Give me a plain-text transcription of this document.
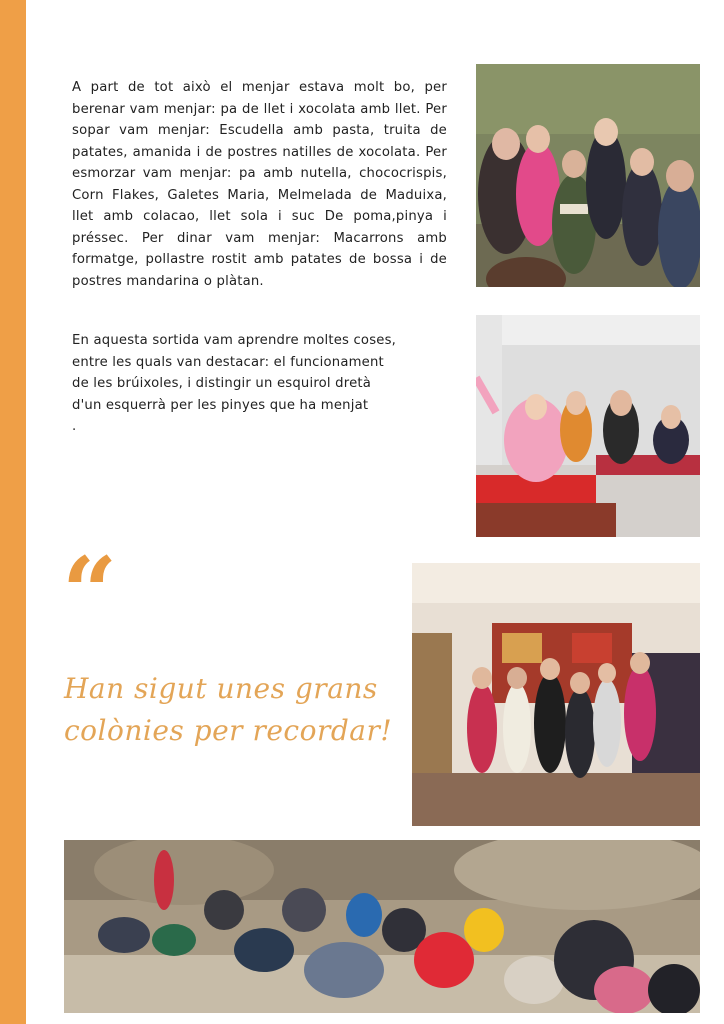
A part de tot això el menjar estava molt bo, per berenar vam menjar: pa de llet i xocolata amb llet. Per sopar vam menjar: Escudella amb pasta, truita de patates, amanida i de postres natilles de xocolata. Per esmorzar vam menjar: pa amb nutella, chococrispis, Corn Flakes, Galetes Maria, Melmelada de Maduixa, llet amb colacao, llet sola i suc De poma,pinya i préssec. Per dinar vam menjar: Macarrons amb formatge, pollastre rostit amb patates de bossa i de postres mandarina o plàtan.

En aquesta sortida vam aprendre moltes coses,
entre les quals van destacar: el funcionament
de les brúixoles, i distingir un esquirol dretà
d'un esquerrà per les pinyes que ha menjat
.

“

Han sigut unes grans
colònies per recordar!
